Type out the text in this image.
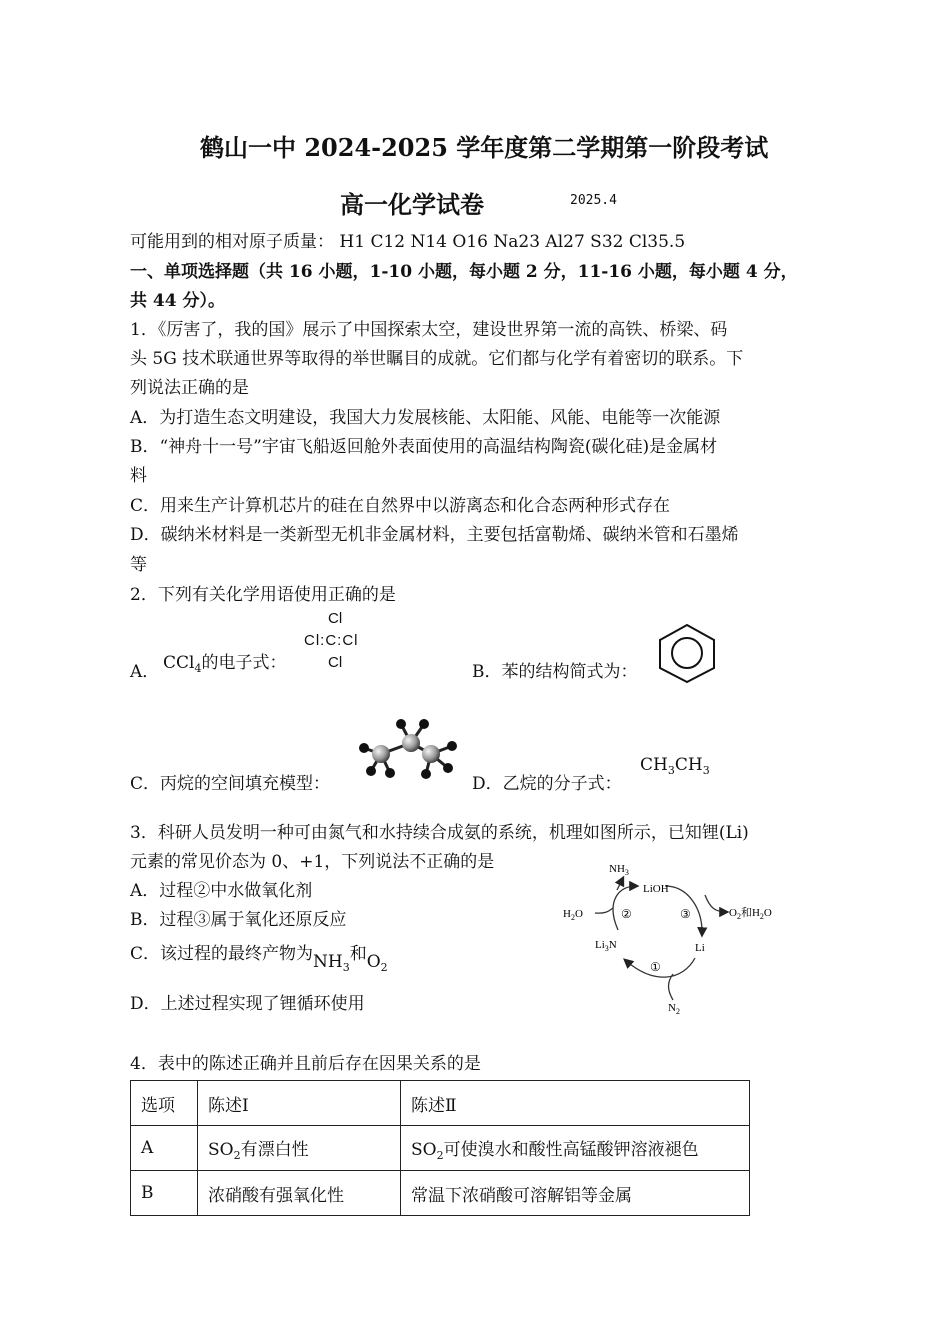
鹤山一中 2024-2025 学年度第二学期第一阶段考试
高一化学试卷	2025.4
可能用到的相对原子质量： H1 C12 N14 O16 Na23 Al27 S32 Cl35.5
一、单项选择题（共 16 小题，1-10 小题，每小题 2 分，11-16 小题，每小题 4 分，
共 44 分）。
1．《厉害了，我的国》展示了中国探索太空，建设世界第一流的高铁、桥梁、码
头 5G 技术联通世界等取得的举世瞩目的成就。它们都与化学有着密切的联系。下
列说法正确的是
A．为打造生态文明建设，我国大力发展核能、太阳能、风能、电能等一次能源
B．“神舟十一号”宇宙飞船返回舱外表面使用的高温结构陶瓷(碳化硅)是金属材
料
C．用来生产计算机芯片的硅在自然界中以游离态和化合态两种形式存在
D．碳纳米材料是一类新型无机非金属材料，主要包括富勒烯、碳纳米管和石墨烯
等
2．下列有关化学用语使用正确的是
A． CCl$_4$的电子式：
Cl
Cl:C:Cl
Cl	B．苯的结构简式为：
C．丙烷的空间填充模型：	D．乙烷的分子式：
$CH_3CH_3$
3．科研人员发明一种可由氮气和水持续合成氨的系统，机理如图所示，已知锂(Li)
元素的常见价态为 0、+1，下列说法不正确的是
A．过程②中水做氧化剂
B．过程③属于氧化还原反应
C．该过程的最终产物为$NH_3$和$O_2$
D．上述过程实现了锂循环使用
$NH_3$
LiOH
$H_2O$	②	③	$O_2$和$H_2O$
$Li_3N$	Li
①
$N_2$
4．表中的陈述正确并且前后存在因果关系的是
选项	陈述Ⅰ	陈述Ⅱ
A	$SO_2$有漂白性	$SO_2$可使溴水和酸性高锰酸钾溶液褪色
B	浓硝酸有强氧化性	常温下浓硝酸可溶解铝等金属
